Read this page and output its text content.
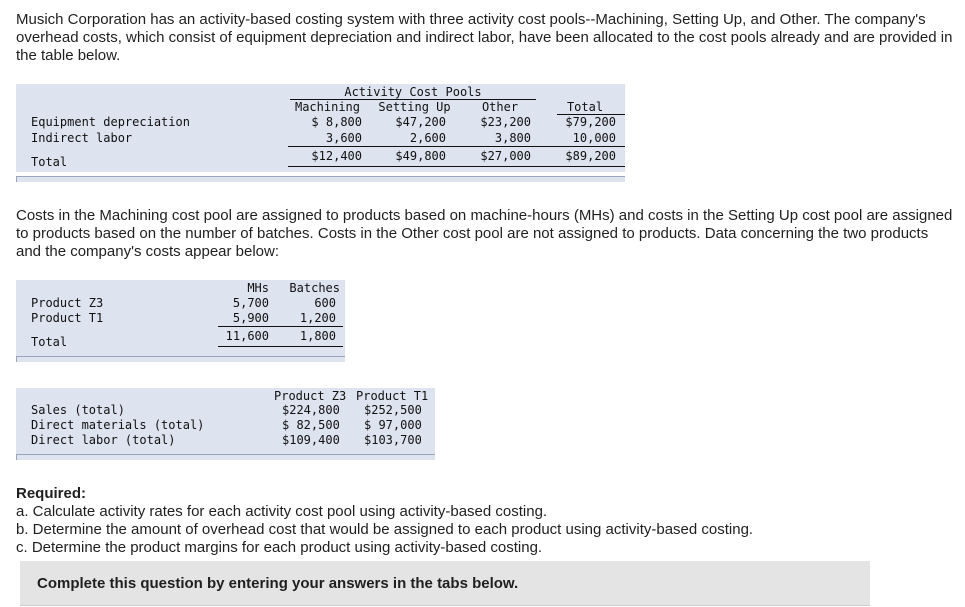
Musich Corporation has an activity-based costing system with three activity cost pools--Machining, Setting Up, and Other. The company's overhead costs, which consist of equipment depreciation and indirect labor, have been allocated to the cost pools already and are provided in the table below.

Activity Cost Pools
Machining	Setting Up	Other	Total
Equipment depreciation	$ 8,800	$47,200	$23,200	$79,200
Indirect labor	3,600	2,600	3,800	10,000
Total	$12,400	$49,800	$27,000	$89,200

Costs in the Machining cost pool are assigned to products based on machine-hours (MHs) and costs in the Setting Up cost pool are assigned to products based on the number of batches. Costs in the Other cost pool are not assigned to products. Data concerning the two products and the company's costs appear below:

MHs	Batches
Product Z3	5,700	600
Product T1	5,900	1,200
Total	11,600	1,800
Product Z3 Product T1
Sales (total)	$224,800 $252,500
Direct materials (total)	$ 82,500 $ 97,000
Direct labor (total)	$109,400 $103,700
Required:
a. Calculate activity rates for each activity cost pool using activity-based costing.
b. Determine the amount of overhead cost that would be assigned to each product using activity-based costing.
c. Determine the product margins for each product using activity-based costing.
Complete this question by entering your answers in the tabs below.
